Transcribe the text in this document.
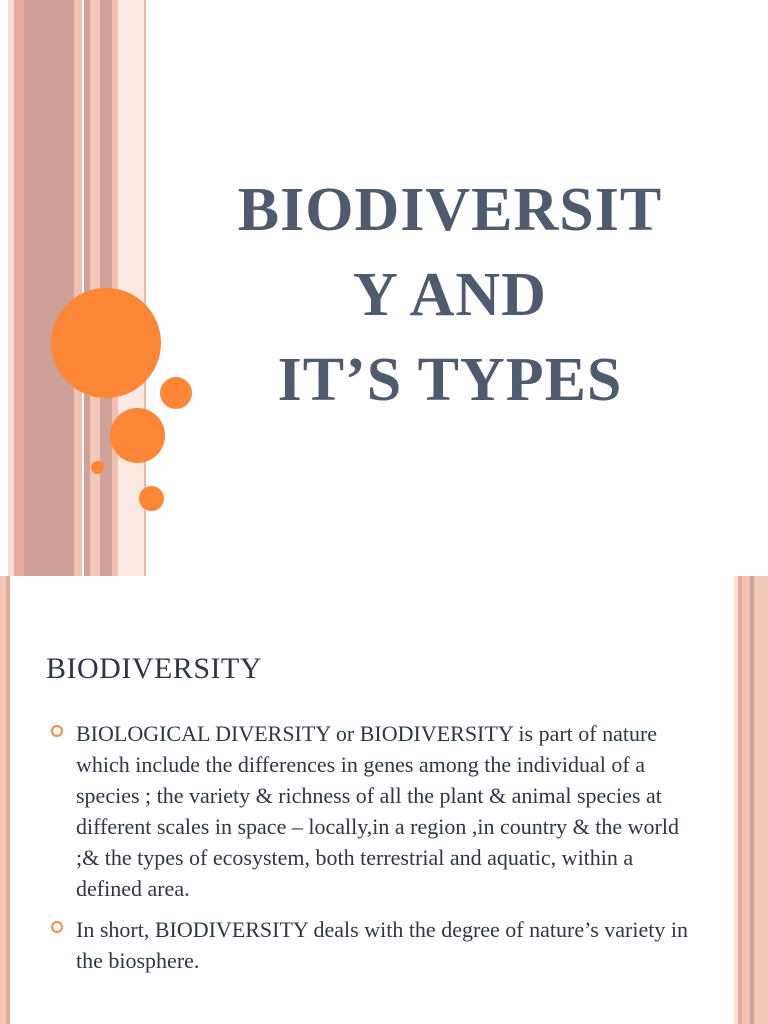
BIODIVERSIT
Y AND
IT’S TYPES
BIODIVERSITY
BIOLOGICAL DIVERSITY or BIODIVERSITY is part of nature which include the differences in genes among the individual of a species ; the variety & richness of all the plant & animal species at different scales in space – locally,in a region ,in country & the world ;& the types of ecosystem, both terrestrial and aquatic, within a defined area.
In short, BIODIVERSITY deals with the degree of nature’s variety in the biosphere.
